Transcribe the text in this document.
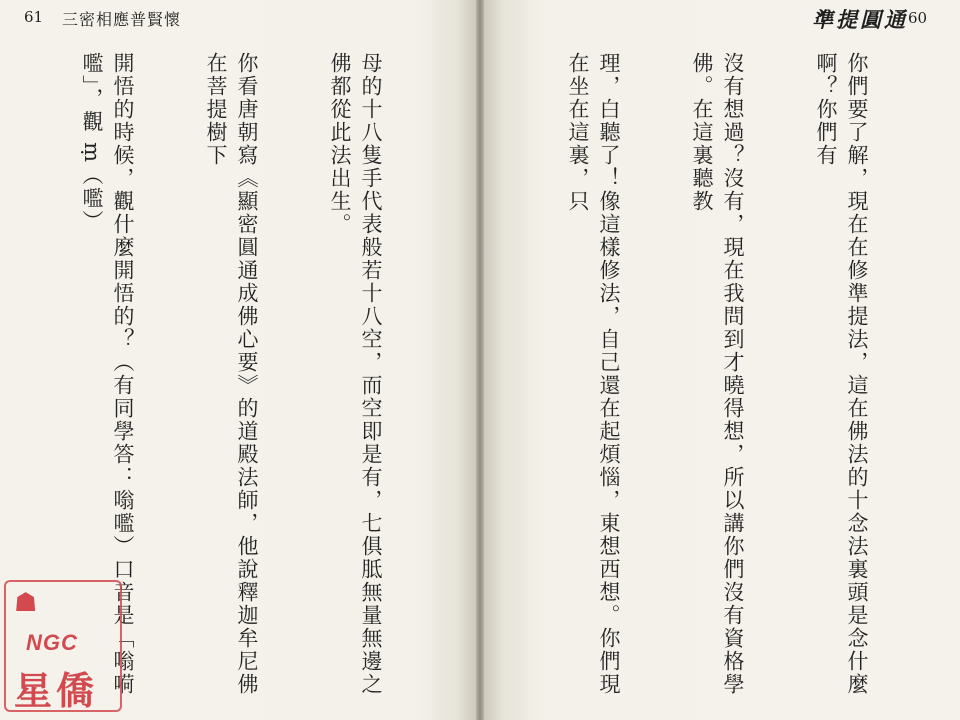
61 三密相應普賢懷

母的十八隻手代表般若十八空，而空即是有，七俱胝無量無邊之佛都從此法出生。

你看唐朝寫《顯密圓通成佛心要》的道殿法師，他說釋迦牟尼佛在菩提樹下

開悟的時候，觀什麼開悟的？（有同學答：嗡嚂）口音是「嗡嗬嚂」，觀 ṃ（嚂）

☗
NGC
星僑
準提圓通 60

你們要了解，現在在修準提法，這在佛法的十念法裏頭是念什麼啊？你們有

沒有想過？沒有，現在我問到才曉得想，所以講你們沒有資格學佛。在這裏聽教

理，白聽了！像這樣修法，自己還在起煩惱，東想西想。你們現在坐在這裏，只
